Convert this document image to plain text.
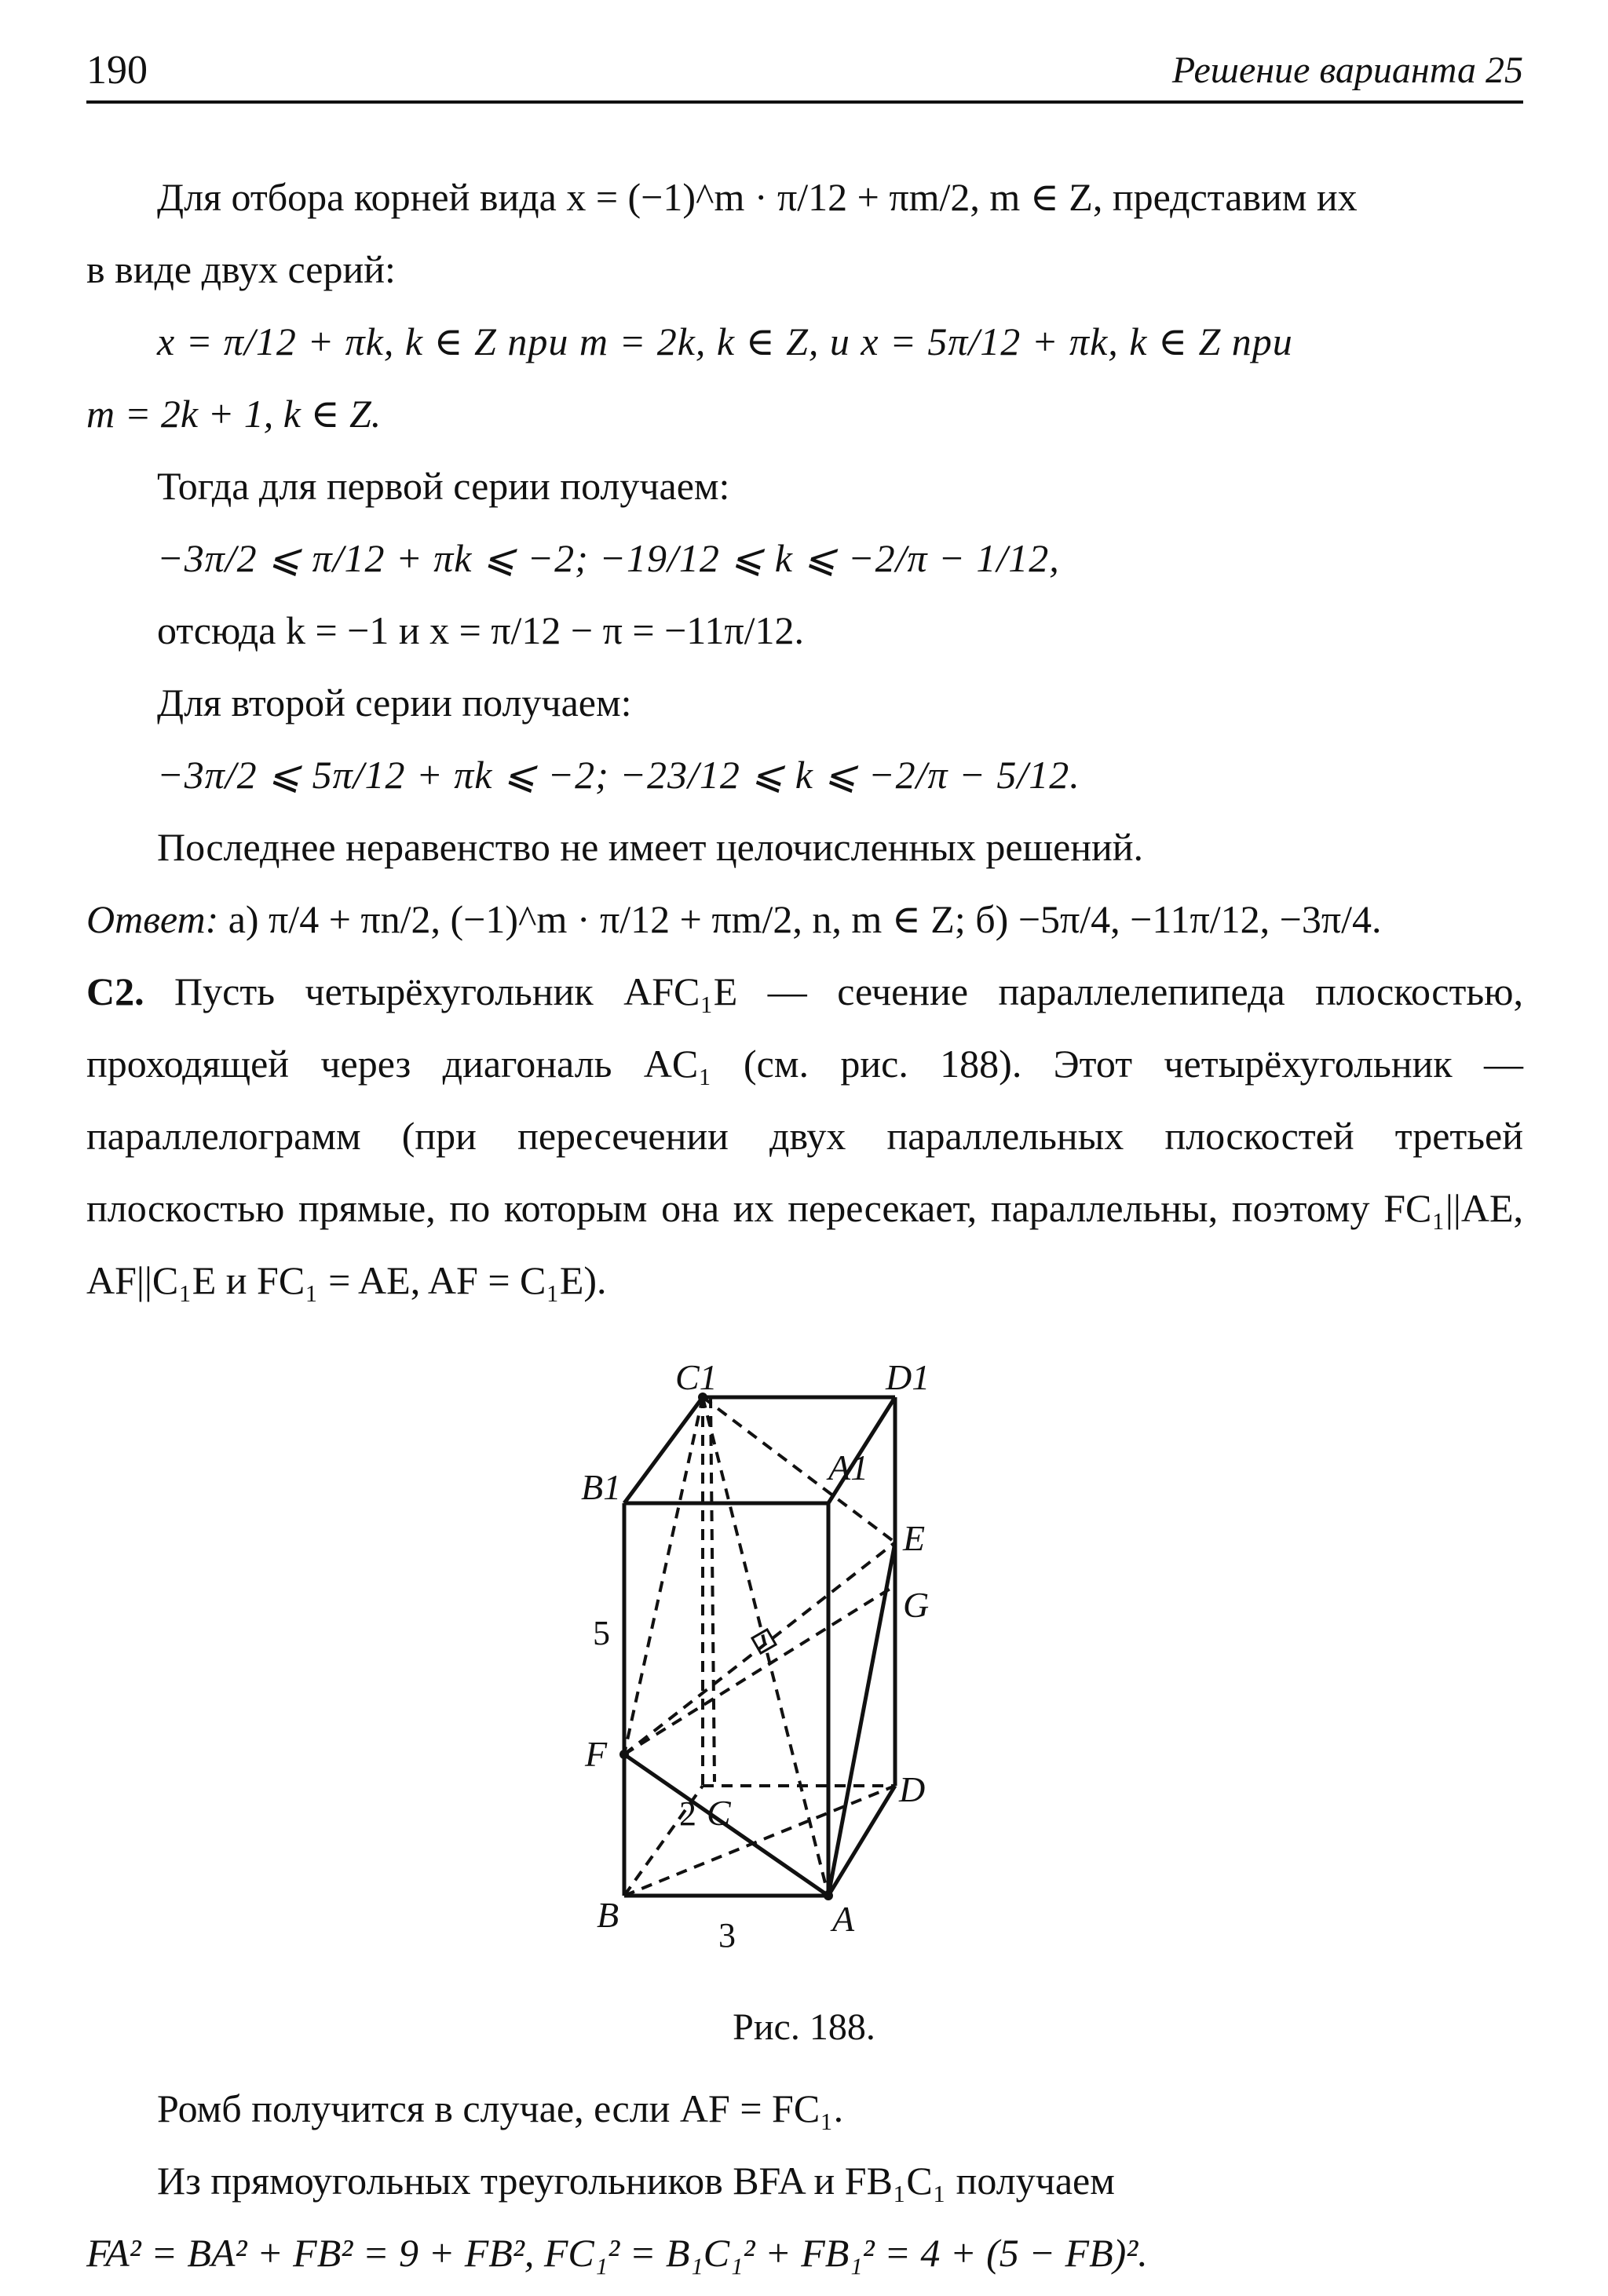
190	Решение варианта 25

Для отбора корней вида x = (−1)^m · π/12 + πm/2, m ∈ Z, представим их

в виде двух серий:

x = π/12 + πk, k ∈ Z при m = 2k, k ∈ Z, и x = 5π/12 + πk, k ∈ Z при

m = 2k + 1, k ∈ Z.

Тогда для первой серии получаем:

−3π/2 ⩽ π/12 + πk ⩽ −2; −19/12 ⩽ k ⩽ −2/π − 1/12,

отсюда k = −1 и x = π/12 − π = −11π/12.

Для второй серии получаем:

−3π/2 ⩽ 5π/12 + πk ⩽ −2; −23/12 ⩽ k ⩽ −2/π − 5/12.

Последнее неравенство не имеет целочисленных решений.

Ответ: а) π/4 + πn/2, (−1)^m · π/12 + πm/2, n, m ∈ Z; б) −5π/4, −11π/12, −3π/4.

С2. Пусть четырёхугольник AFC₁E — сечение параллелепипеда плоскостью, проходящей через диагональ AC₁ (см. рис. 188). Этот четырёхугольник — параллелограмм (при пересечении двух параллельных плоскостей третьей плоскостью прямые, по которым она их пересекает, параллельны, поэтому FC₁||AE, AF||C₁E и FC₁ = AE, AF = C₁E).

C1	D1
B1	A1
E
G
F
C
D
B	A
5
2
3
Рис. 188.

Ромб получится в случае, если AF = FC₁.

Из прямоугольных треугольников BFA и FB₁C₁ получаем

FA² = BA² + FB² = 9 + FB², FC₁² = B₁C₁² + FB₁² = 4 + (5 − FB)².
